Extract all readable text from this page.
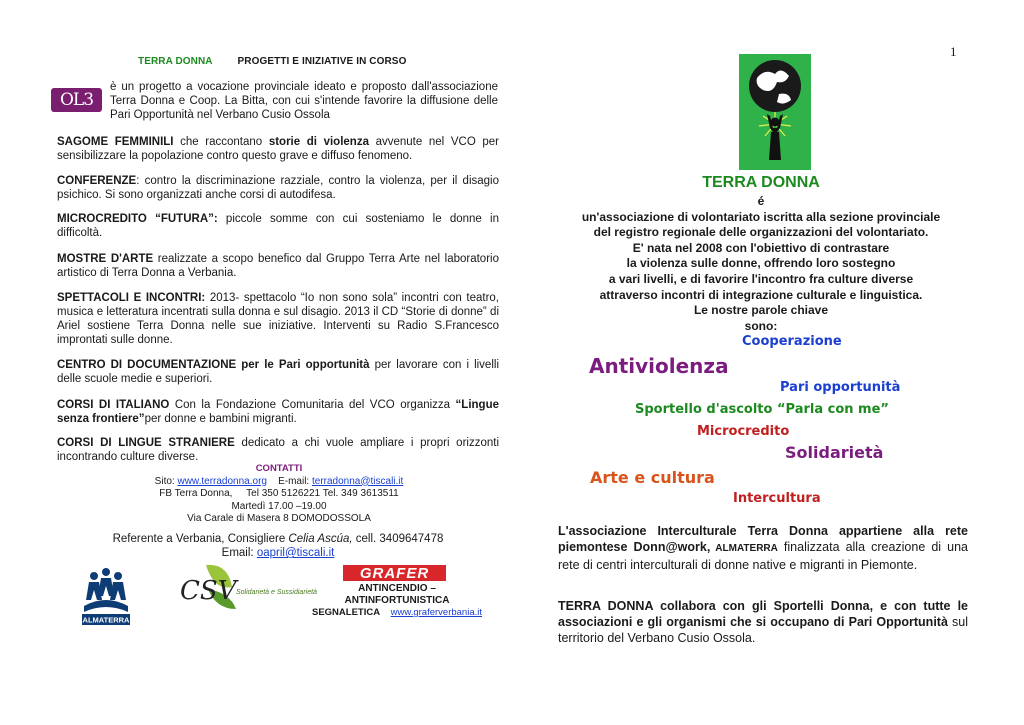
TERRA DONNA PROGETTI E INIZIATIVE IN CORSO
OL3

è un progetto a vocazione provinciale ideato e proposto dall'associazione Terra Donna e Coop. La Bitta, con cui s'intende favorire la diffusione delle Pari Opportunità nel Verbano Cusio Ossola

SAGOME FEMMINILI che raccontano storie di violenza avvenute nel VCO per sensibilizzare la popolazione contro questo grave e diffuso fenomeno.

CONFERENZE: contro la discriminazione razziale, contro la violenza, per il disagio psichico. Si sono organizzati anche corsi di autodifesa.

MICROCREDITO “FUTURA”: piccole somme con cui sosteniamo le donne in difficoltà.

MOSTRE D'ARTE realizzate a scopo benefico dal Gruppo Terra Arte nel laboratorio artistico di Terra Donna a Verbania.

SPETTACOLI E INCONTRI: 2013- spettacolo “Io non sono sola” incontri con teatro, musica e letteratura incentrati sulla donna e sul disagio. 2013 il CD “Storie di donne” di Ariel sostiene Terra Donna nelle sue iniziative. Interventi su Radio S.Francesco improntati sulle donne.

CENTRO DI DOCUMENTAZIONE per le Pari opportunità per lavorare con i livelli delle scuole medie e superiori.

CORSI DI ITALIANO Con la Fondazione Comunitaria del VCO organizza “Lingue senza frontiere”per donne e bambini migranti.

CORSI DI LINGUE STRANIERE dedicato a chi vuole ampliare i propri orizzonti incontrando culture diverse.

CONTATTI
Sito: www.terradonna.org E-mail: terradonna@tiscali.it
FB Terra Donna,     Tel 350 5126221 Tel. 349 3613511
Martedì 17.00 –19.00
Via Carale di Masera 8 DOMODOSSOLA
Referente a Verbania, Consigliere Celia Ascúa, cell. 3409647478
Email: oapril@tiscali.it
ALMATERRA
CSV Solidarietà e Sussidiarietà
GRAFER
ANTINCENDIO –
ANTINFORTUNISTICA
SEGNALETICA www.graferverbania.it
1
TERRA DONNA
é
un'associazione di volontariato iscritta alla sezione provinciale
del registro regionale delle organizzazioni del volontariato.
E' nata nel 2008 con l'obiettivo di contrastare
la violenza sulle donne, offrendo loro sostegno
a vari livelli, e di favorire l'incontro fra culture diverse
attraverso incontri di integrazione culturale e linguistica.
Le nostre parole chiave
sono:
Cooperazione
Antiviolenza
Pari opportunità
Sportello d'ascolto “Parla con me”
Microcredito
Solidarietà
Arte e cultura
Intercultura

L'associazione Interculturale Terra Donna appartiene alla rete piemontese Donn@work, ALMATERRA finalizzata alla creazione di una rete di centri interculturali di donne native e migranti in Piemonte.

TERRA DONNA collabora con gli Sportelli Donna, e con tutte le associazioni e gli organismi che si occupano di Pari Opportunità sul territorio del Verbano Cusio Ossola.
